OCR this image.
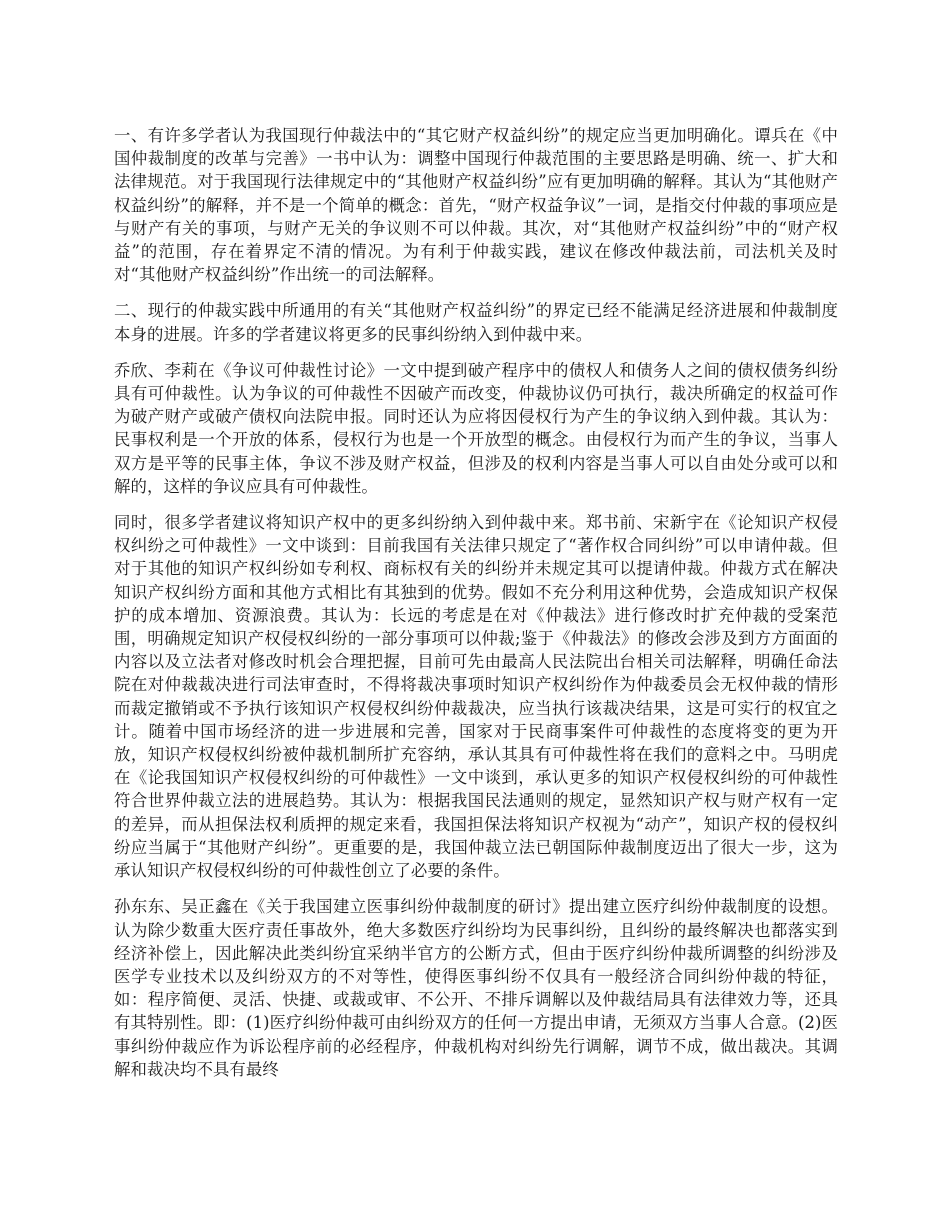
一、有许多学者认为我国现行仲裁法中的“其它财产权益纠纷”的规定应当更加明确化。谭兵在《中国仲裁制度的改革与完善》一书中认为：调整中国现行仲裁范围的主要思路是明确、统一、扩大和法律规范。对于我国现行法律规定中的“其他财产权益纠纷”应有更加明确的解释。其认为“其他财产权益纠纷”的解释，并不是一个简单的概念：首先，“财产权益争议”一词，是指交付仲裁的事项应是与财产有关的事项，与财产无关的争议则不可以仲裁。其次，对“其他财产权益纠纷”中的“财产权益”的范围，存在着界定不清的情况。为有利于仲裁实践，建议在修改仲裁法前，司法机关及时对“其他财产权益纠纷”作出统一的司法解释。

二、现行的仲裁实践中所通用的有关“其他财产权益纠纷”的界定已经不能满足经济进展和仲裁制度本身的进展。许多的学者建议将更多的民事纠纷纳入到仲裁中来。

乔欣、李莉在《争议可仲裁性讨论》一文中提到破产程序中的债权人和债务人之间的债权债务纠纷具有可仲裁性。认为争议的可仲裁性不因破产而改变，仲裁协议仍可执行，裁决所确定的权益可作为破产财产或破产债权向法院申报。同时还认为应将因侵权行为产生的争议纳入到仲裁。其认为：民事权利是一个开放的体系，侵权行为也是一个开放型的概念。由侵权行为而产生的争议，当事人双方是平等的民事主体，争议不涉及财产权益，但涉及的权利内容是当事人可以自由处分或可以和解的，这样的争议应具有可仲裁性。

同时，很多学者建议将知识产权中的更多纠纷纳入到仲裁中来。郑书前、宋新宇在《论知识产权侵权纠纷之可仲裁性》一文中谈到：目前我国有关法律只规定了“著作权合同纠纷”可以申请仲裁。但对于其他的知识产权纠纷如专利权、商标权有关的纠纷并未规定其可以提请仲裁。仲裁方式在解决知识产权纠纷方面和其他方式相比有其独到的优势。假如不充分利用这种优势，会造成知识产权保护的成本增加、资源浪费。其认为：长远的考虑是在对《仲裁法》进行修改时扩充仲裁的受案范围，明确规定知识产权侵权纠纷的一部分事项可以仲裁;鉴于《仲裁法》的修改会涉及到方方面面的内容以及立法者对修改时机会合理把握，目前可先由最高人民法院出台相关司法解释，明确任命法院在对仲裁裁决进行司法审查时，不得将裁决事项时知识产权纠纷作为仲裁委员会无权仲裁的情形而裁定撤销或不予执行该知识产权侵权纠纷仲裁裁决，应当执行该裁决结果，这是可实行的权宜之计。随着中国市场经济的进一步进展和完善，国家对于民商事案件可仲裁性的态度将变的更为开放，知识产权侵权纠纷被仲裁机制所扩充容纳，承认其具有可仲裁性将在我们的意料之中。马明虎在《论我国知识产权侵权纠纷的可仲裁性》一文中谈到，承认更多的知识产权侵权纠纷的可仲裁性符合世界仲裁立法的进展趋势。其认为：根据我国民法通则的规定，显然知识产权与财产权有一定的差异，而从担保法权利质押的规定来看，我国担保法将知识产权视为“动产”，知识产权的侵权纠纷应当属于“其他财产纠纷”。更重要的是，我国仲裁立法已朝国际仲裁制度迈出了很大一步，这为承认知识产权侵权纠纷的可仲裁性创立了必要的条件。

孙东东、吴正鑫在《关于我国建立医事纠纷仲裁制度的研讨》提出建立医疗纠纷仲裁制度的设想。认为除少数重大医疗责任事故外，绝大多数医疗纠纷均为民事纠纷，且纠纷的最终解决也都落实到经济补偿上，因此解决此类纠纷宜采纳半官方的公断方式，但由于医疗纠纷仲裁所调整的纠纷涉及医学专业技术以及纠纷双方的不对等性，使得医事纠纷不仅具有一般经济合同纠纷仲裁的特征，如：程序简便、灵活、快捷、或裁或审、不公开、不排斥调解以及仲裁结局具有法律效力等，还具有其特别性。即：(1)医疗纠纷仲裁可由纠纷双方的任何一方提出申请，无须双方当事人合意。(2)医事纠纷仲裁应作为诉讼程序前的必经程序，仲裁机构对纠纷先行调解，调节不成，做出裁决。其调解和裁决均不具有最终
